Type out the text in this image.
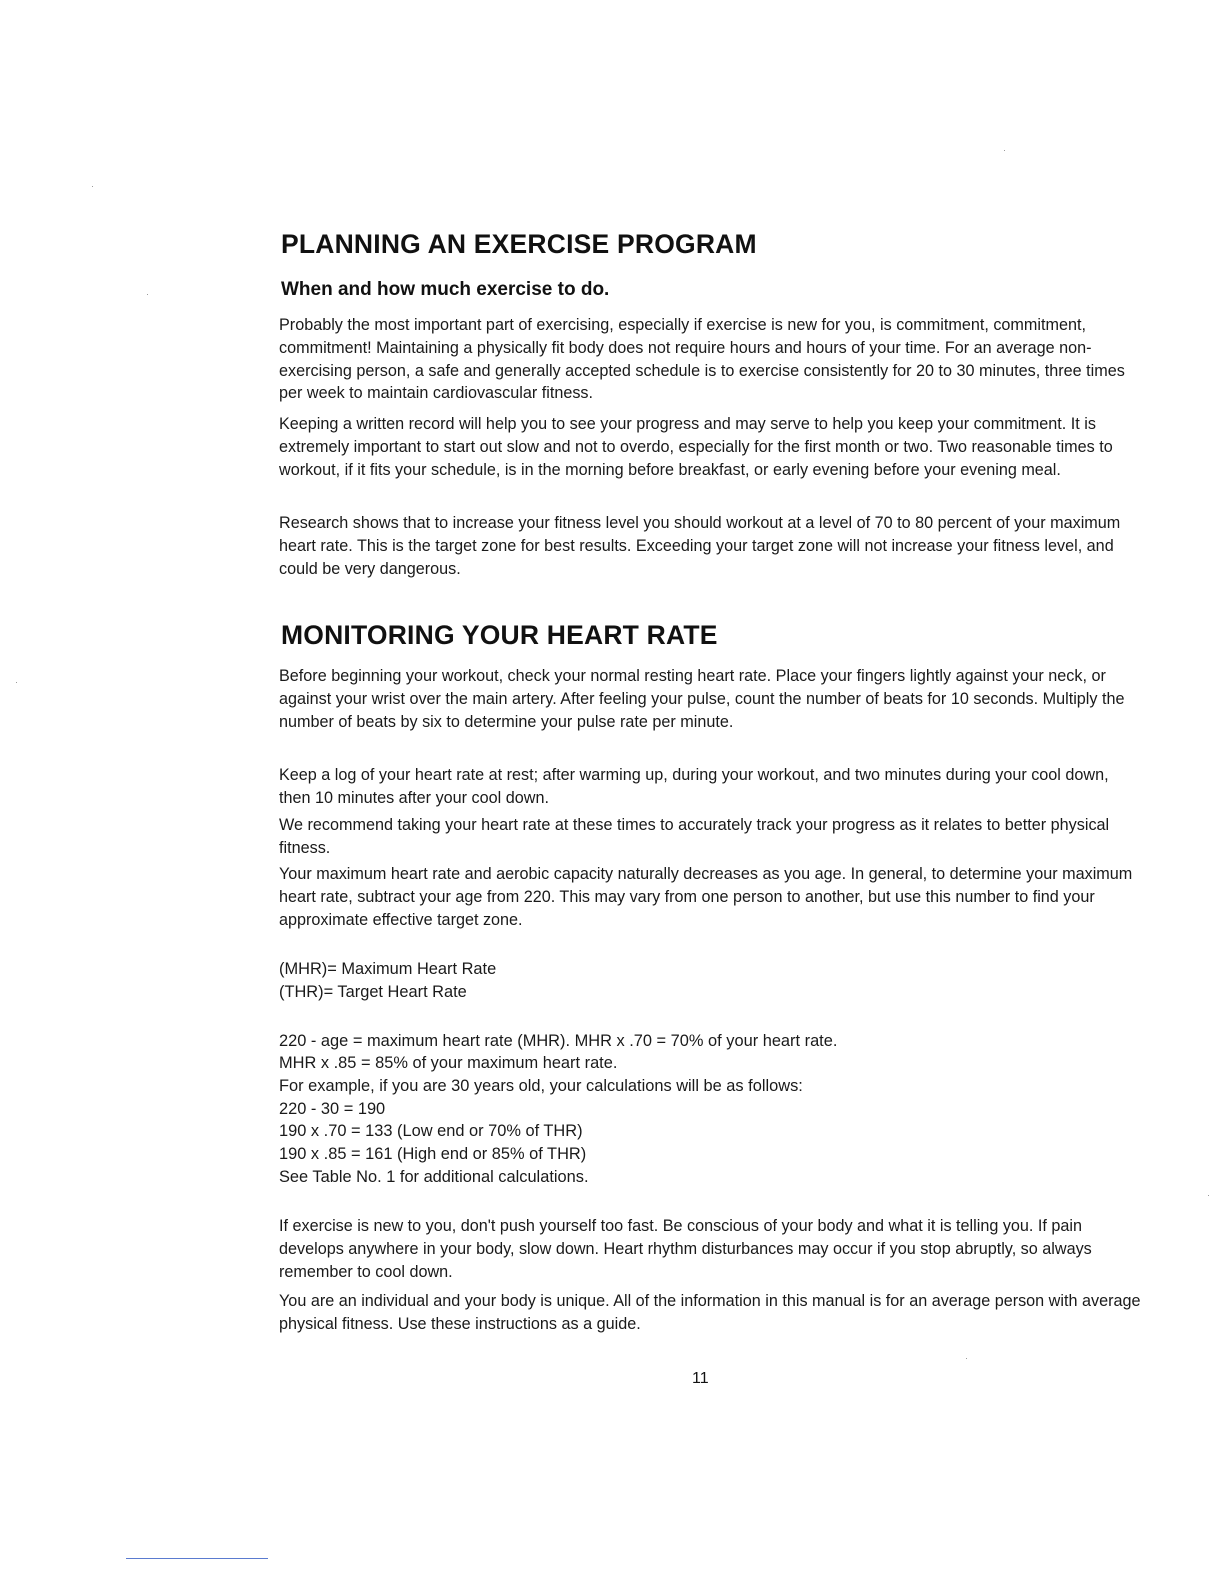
PLANNING AN EXERCISE PROGRAM
When and how much exercise to do.

Probably the most important part of exercising, especially if exercise is new for you, is commitment, commitment, commitment! Maintaining a physically fit body does not require hours and hours of your time. For an average non-exercising person, a safe and generally accepted schedule is to exercise consistently for 20 to 30 minutes, three times per week to maintain cardiovascular fitness.

Keeping a written record will help you to see your progress and may serve to help you keep your commitment. It is extremely important to start out slow and not to overdo, especially for the first month or two. Two reasonable times to workout, if it fits your schedule, is in the morning before breakfast, or early evening before your evening meal.

Research shows that to increase your fitness level you should workout at a level of 70 to 80 percent of your maximum heart rate. This is the target zone for best results. Exceeding your target zone will not increase your fitness level, and could be very dangerous.

MONITORING YOUR HEART RATE

Before beginning your workout, check your normal resting heart rate. Place your fingers lightly against your neck, or against your wrist over the main artery. After feeling your pulse, count the number of beats for 10 seconds. Multiply the number of beats by six to determine your pulse rate per minute.

Keep a log of your heart rate at rest; after warming up, during your workout, and two minutes during your cool down, then 10 minutes after your cool down.

We recommend taking your heart rate at these times to accurately track your progress as it relates to better physical fitness.

Your maximum heart rate and aerobic capacity naturally decreases as you age. In general, to determine your maximum heart rate, subtract your age from 220. This may vary from one person to another, but use this number to find your approximate effective target zone.

(MHR)= Maximum Heart Rate

(THR)= Target Heart Rate

220 - age = maximum heart rate (MHR). MHR x .70 = 70% of your heart rate.

MHR x .85 = 85% of your maximum heart rate.

For example, if you are 30 years old, your calculations will be as follows:

220 - 30 = 190

190 x .70 = 133 (Low end or 70% of THR)

190 x .85 = 161 (High end or 85% of THR)

See Table No. 1 for additional calculations.

If exercise is new to you, don't push yourself too fast. Be conscious of your body and what it is telling you. If pain develops anywhere in your body, slow down. Heart rhythm disturbances may occur if you stop abruptly, so always remember to cool down.

You are an individual and your body is unique. All of the information in this manual is for an average person with average physical fitness. Use these instructions as a guide.

11
